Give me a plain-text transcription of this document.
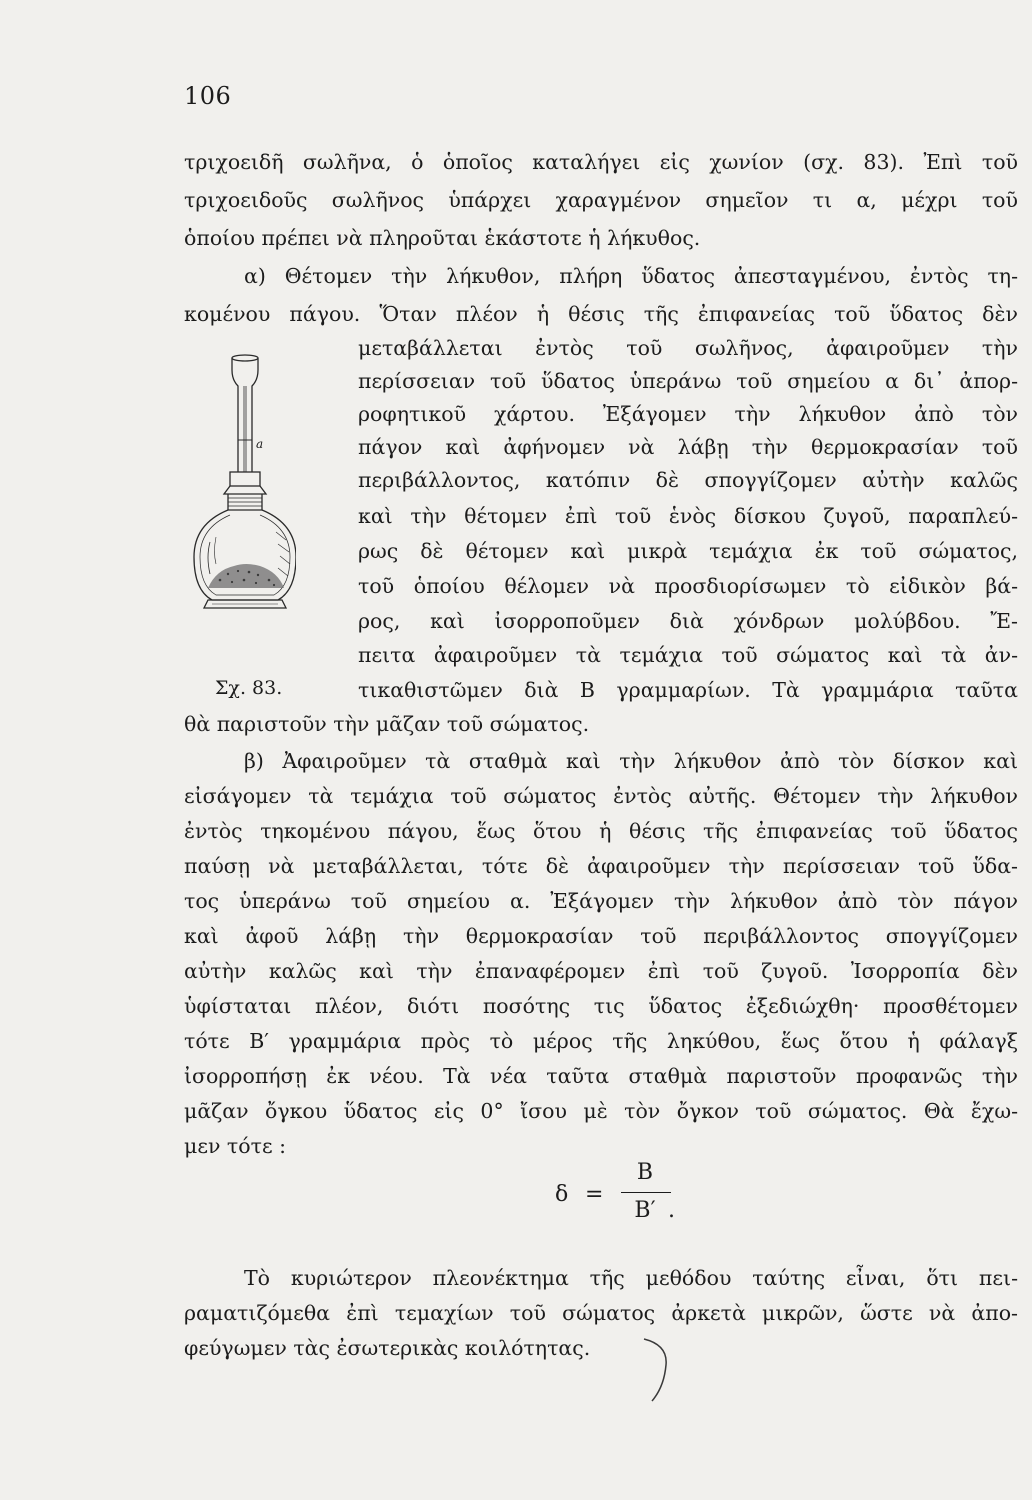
106
τριχοειδῆ σωλῆνα, ὁ ὁποῖος καταλήγει εἰς χωνίον (σχ. 83). Ἐπὶ τοῦ
τριχοειδοῦς σωλῆνος ὑπάρχει χαραγμένον σημεῖον τι α, μέχρι τοῦ
ὁποίου πρέπει νὰ πληροῦται ἑκάστοτε ἡ λήκυθος.
α) Θέτομεν τὴν λήκυθον, πλήρη ὕδατος ἀπεσταγμένου, ἐντὸς τη-
κομένου πάγου. Ὅταν πλέον ἡ θέσις τῆς ἐπιφανείας τοῦ ὕδατος δὲν
μεταβάλλεται ἐντὸς τοῦ σωλῆνος, ἀφαιροῦμεν τὴν
περίσσειαν τοῦ ὕδατος ὑπεράνω τοῦ σημείου α δι᾽ ἀπορ-
ροφητικοῦ χάρτου. Ἐξάγομεν τὴν λήκυθον ἀπὸ τὸν
πάγον καὶ ἀφήνομεν νὰ λάβῃ τὴν θερμοκρασίαν τοῦ
περιβάλλοντος, κατόπιν δὲ σπογγίζομεν αὐτὴν καλῶς
καὶ τὴν θέτομεν ἐπὶ τοῦ ἑνὸς δίσκου ζυγοῦ, παραπλεύ-
ρως δὲ θέτομεν καὶ μικρὰ τεμάχια ἐκ τοῦ σώματος,
τοῦ ὁποίου θέλομεν νὰ προσδιορίσωμεν τὸ εἰδικὸν βά-
ρος, καὶ ἰσορροποῦμεν διὰ χόνδρων μολύβδου. Ἔ-
πειτα ἀφαιροῦμεν τὰ τεμάχια τοῦ σώματος καὶ τὰ ἀν-
τικαθιστῶμεν διὰ Β γραμμαρίων. Τὰ γραμμάρια ταῦτα
θὰ παριστοῦν τὴν μᾶζαν τοῦ σώματος.
β) Ἀφαιροῦμεν τὰ σταθμὰ καὶ τὴν λήκυθον ἀπὸ τὸν δίσκον καὶ
εἰσάγομεν τὰ τεμάχια τοῦ σώματος ἐντὸς αὐτῆς. Θέτομεν τὴν λήκυθον
ἐντὸς τηκομένου πάγου, ἕως ὅτου ἡ θέσις τῆς ἐπιφανείας τοῦ ὕδατος
παύσῃ νὰ μεταβάλλεται, τότε δὲ ἀφαιροῦμεν τὴν περίσσειαν τοῦ ὕδα-
τος ὑπεράνω τοῦ σημείου α. Ἐξάγομεν τὴν λήκυθον ἀπὸ τὸν πάγον
καὶ ἀφοῦ λάβῃ τὴν θερμοκρασίαν τοῦ περιβάλλοντος σπογγίζομεν
αὐτὴν καλῶς καὶ τὴν ἐπαναφέρομεν ἐπὶ τοῦ ζυγοῦ. Ἰσορροπία δὲν
ὑφίσταται πλέον, διότι ποσότης τις ὕδατος ἐξεδιώχθη· προσθέτομεν
τότε Β′ γραμμάρια πρὸς τὸ μέρος τῆς ληκύθου, ἕως ὅτου ἡ φάλαγξ
ἰσορροπήσῃ ἐκ νέου. Τὰ νέα ταῦτα σταθμὰ παριστοῦν προφανῶς τὴν
μᾶζαν ὄγκου ὕδατος εἰς 0° ἴσου μὲ τὸν ὄγκον τοῦ σώματος. Θὰ ἔχω-
μεν τότε :
δ =
Β
Β′ .
Τὸ κυριώτερον πλεονέκτημα τῆς μεθόδου ταύτης εἶναι, ὅτι πει-
ραματιζόμεθα ἐπὶ τεμαχίων τοῦ σώματος ἀρκετὰ μικρῶν, ὥστε νὰ ἀπο-
φεύγωμεν τὰς ἐσωτερικὰς κοιλότητας.
a
Σχ. 83.
